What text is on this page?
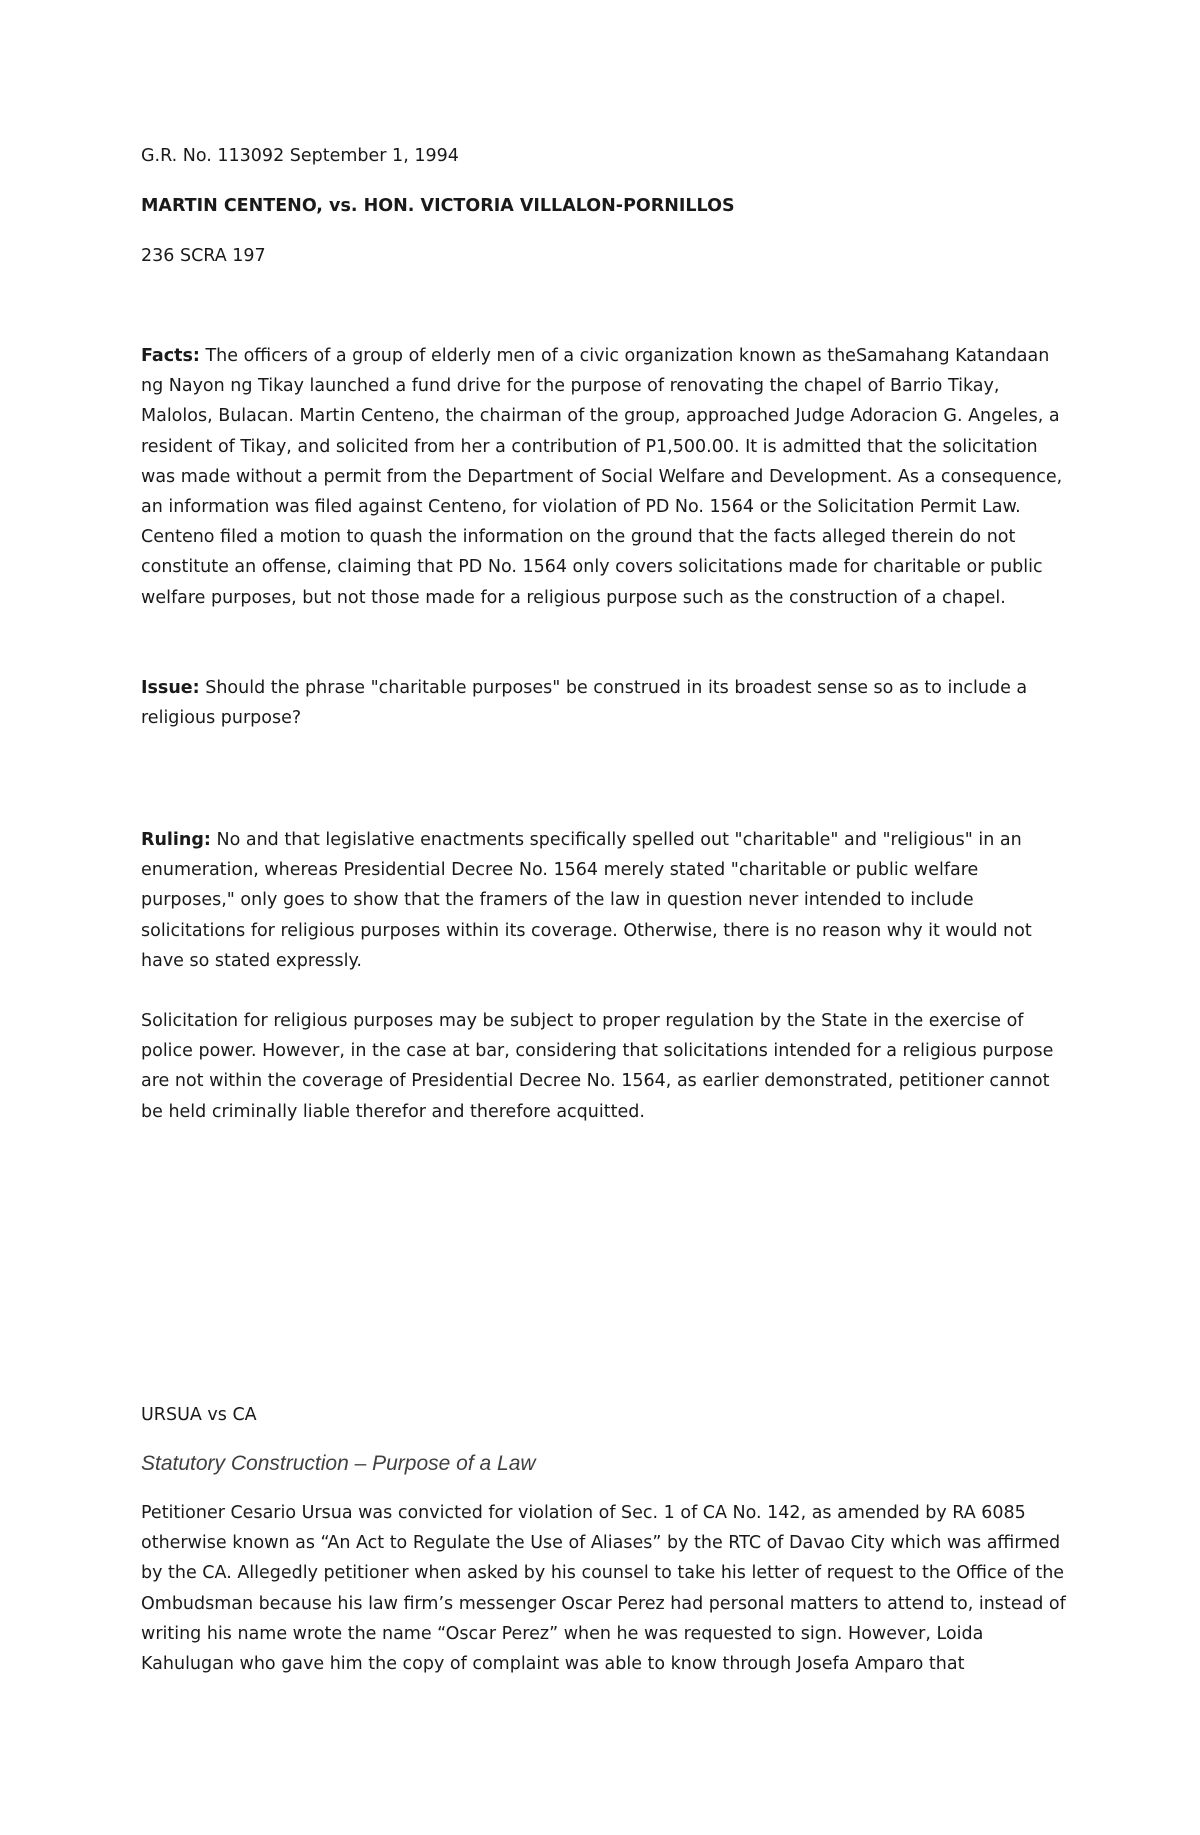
G.R. No. 113092 September 1, 1994
MARTIN CENTENO, vs. HON. VICTORIA VILLALON-PORNILLOS
236 SCRA 197
Facts: The officers of a group of elderly men of a civic organization known as theSamahang Katandaan ng Nayon ng Tikay launched a fund drive for the purpose of renovating the chapel of Barrio Tikay, Malolos, Bulacan. Martin Centeno, the chairman of the group, approached Judge Adoracion G. Angeles, a resident of Tikay, and solicited from her a contribution of P1,500.00. It is admitted that the solicitation was made without a permit from the Department of Social Welfare and Development. As a consequence, an information was filed against Centeno, for violation of PD No. 1564 or the Solicitation Permit Law. Centeno filed a motion to quash the information on the ground that the facts alleged therein do not constitute an offense, claiming that PD No. 1564 only covers solicitations made for charitable or public welfare purposes, but not those made for a religious purpose such as the construction of a chapel.
Issue: Should the phrase "charitable purposes" be construed in its broadest sense so as to include a religious purpose?
Ruling: No and that legislative enactments specifically spelled out "charitable" and "religious" in an enumeration, whereas Presidential Decree No. 1564 merely stated "charitable or public welfare purposes," only goes to show that the framers of the law in question never intended to include solicitations for religious purposes within its coverage. Otherwise, there is no reason why it would not have so stated expressly.
Solicitation for religious purposes may be subject to proper regulation by the State in the exercise of police power. However, in the case at bar, considering that solicitations intended for a religious purpose are not within the coverage of Presidential Decree No. 1564, as earlier demonstrated, petitioner cannot be held criminally liable therefor and therefore acquitted.
URSUA vs CA
Statutory Construction – Purpose of a Law
Petitioner Cesario Ursua was convicted for violation of Sec. 1 of CA No. 142, as amended by RA 6085 otherwise known as “An Act to Regulate the Use of Aliases” by the RTC of Davao City which was affirmed by the CA. Allegedly petitioner when asked by his counsel to take his letter of request to the Office of the Ombudsman because his law firm’s messenger Oscar Perez had personal matters to attend to, instead of writing his name wrote the name “Oscar Perez” when he was requested to sign. However, Loida Kahulugan who gave him the copy of complaint was able to know through Josefa Amparo that
